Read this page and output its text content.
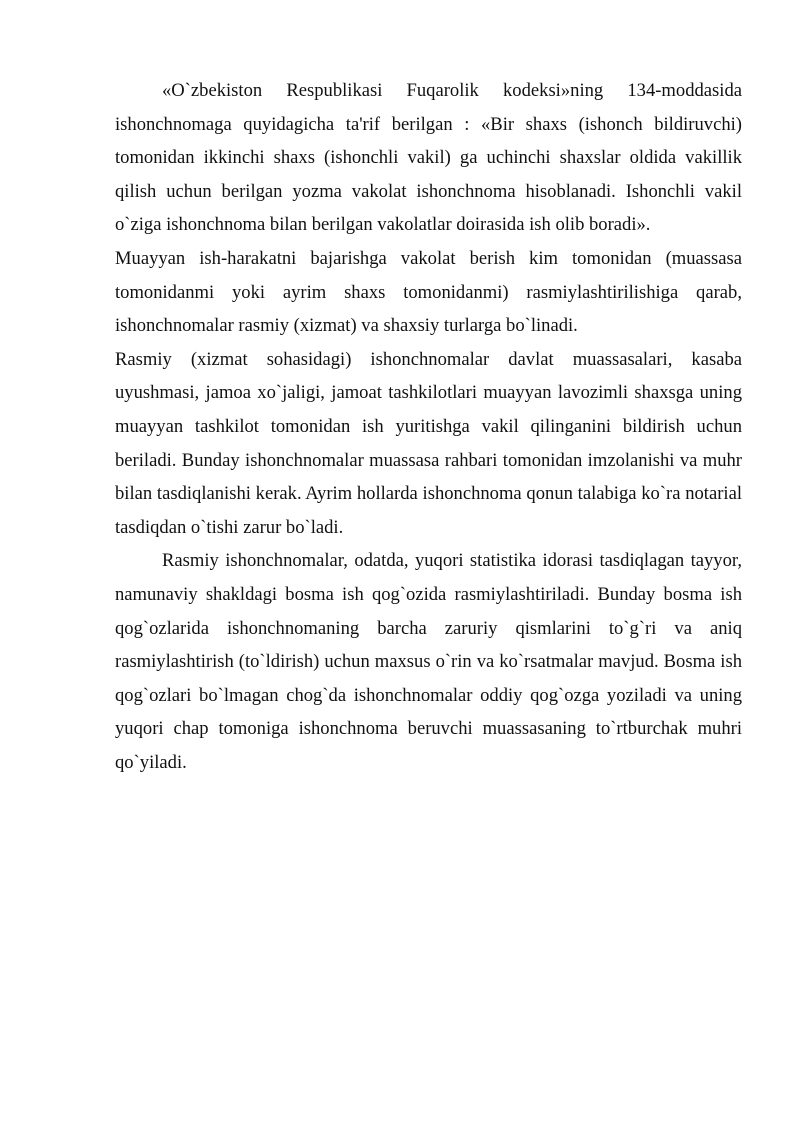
«O`zbekiston Respublikasi Fuqarolik kodeksi»ning 134-moddasida ishonchnomaga quyidagicha ta'rif berilgan : «Bir shaxs (ishonch bildiruvchi) tomonidan ikkinchi shaxs (ishonchli vakil) ga uchinchi shaxslar oldida vakillik qilish uchun berilgan yozma vakolat ishonchnoma hisoblanadi. Ishonchli vakil o`ziga ishonchnoma bilan berilgan vakolatlar doirasida ish olib boradi».

Muayyan ish-harakatni bajarishga vakolat berish kim tomonidan (muassasa tomonidanmi yoki ayrim shaxs tomonidanmi) rasmiylashtirilishiga qarab, ishonchnomalar rasmiy (xizmat) va shaxsiy turlarga bo`linadi.

Rasmiy (xizmat sohasidagi) ishonchnomalar davlat muassasalari, kasaba uyushmasi, jamoa xo`jaligi, jamoat tashkilotlari muayyan lavozimli shaxsga uning muayyan tashkilot tomonidan ish yuritishga vakil qilinganini bildirish uchun beriladi. Bunday ishonchnomalar muassasa rahbari tomonidan imzolanishi va muhr bilan tasdiqlanishi kerak. Ayrim hollarda ishonchnoma qonun talabiga ko`ra notarial tasdiqdan o`tishi zarur bo`ladi.

Rasmiy ishonchnomalar, odatda, yuqori statistika idorasi tasdiqlagan tayyor, namunaviy shakldagi bosma ish qog`ozida rasmiylashtiriladi. Bunday bosma ish qog`ozlarida ishonchnomaning barcha zaruriy qismlarini to`g`ri va aniq rasmiylashtirish (to`ldirish) uchun maxsus o`rin va ko`rsatmalar mavjud. Bosma ish qog`ozlari bo`lmagan chog`da ishonchnomalar oddiy qog`ozga yoziladi va uning yuqori chap tomoniga ishonchnoma beruvchi muassasaning to`rtburchak muhri qo`yiladi.
